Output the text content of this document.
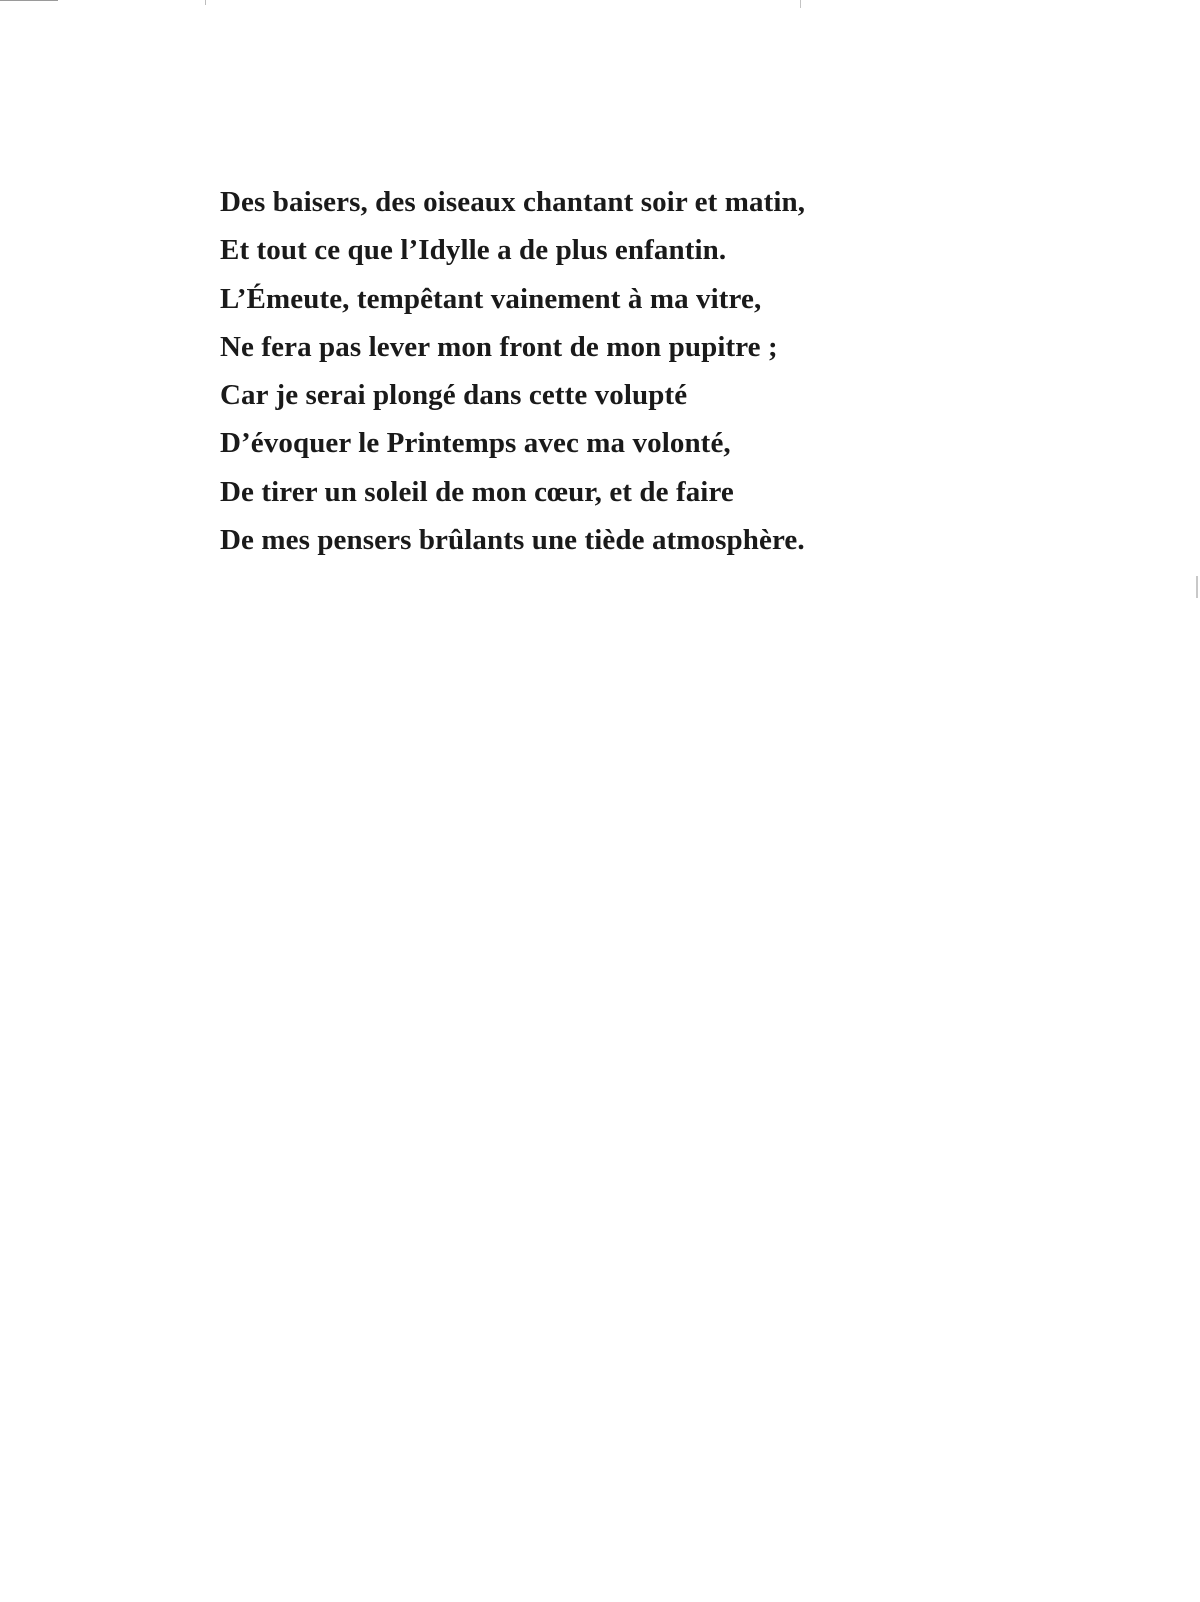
Des baisers, des oiseaux chantant soir et matin,
Et tout ce que l’Idylle a de plus enfantin.
L’Émeute, tempêtant vainement à ma vitre,
Ne fera pas lever mon front de mon pupitre ;
Car je serai plongé dans cette volupté
D’évoquer le Printemps avec ma volonté,
De tirer un soleil de mon cœur, et de faire
De mes pensers brûlants une tiède atmosphère.
